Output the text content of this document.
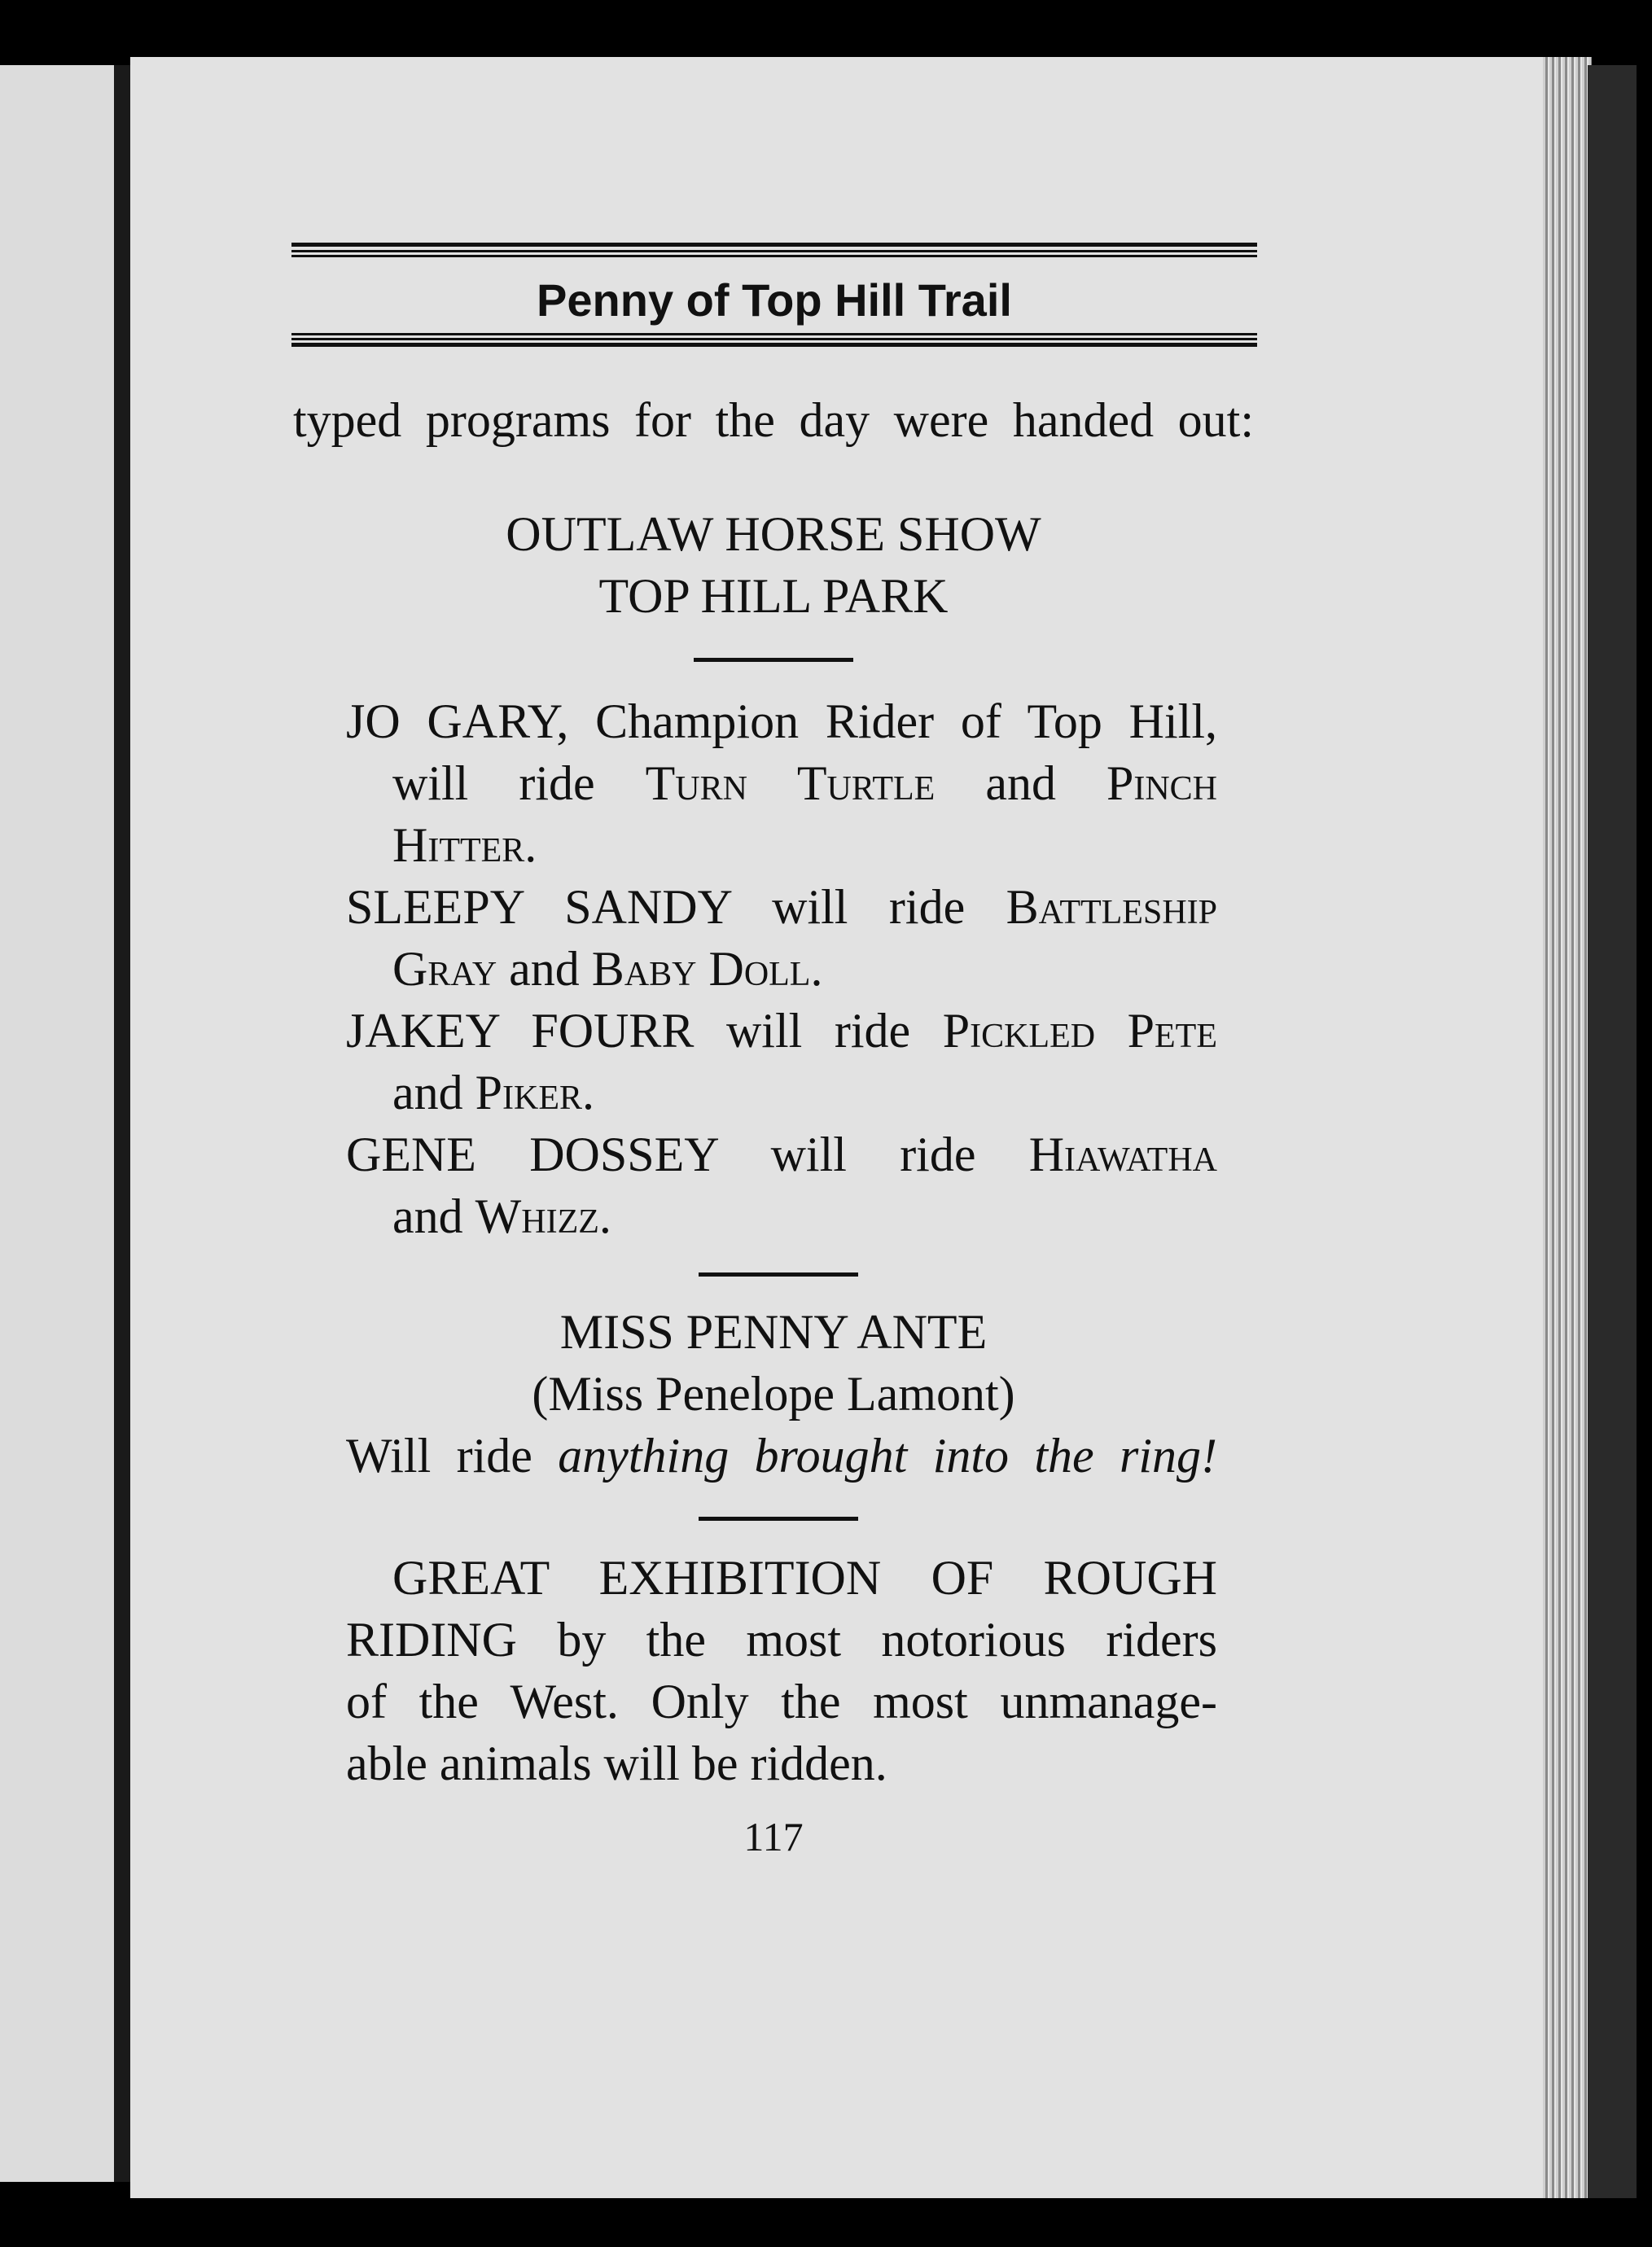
Penny of Top Hill Trail
typed programs for the day were handed out:
OUTLAW HORSE SHOW
TOP HILL PARK
JO GARY, Champion Rider of Top Hill,
will ride Turn Turtle and Pinch
Hitter.
SLEEPY SANDY will ride Battleship
Gray and Baby Doll.
JAKEY FOURR will ride Pickled Pete
and Piker.
GENE DOSSEY will ride Hiawatha
and Whizz.
MISS PENNY ANTE
(Miss Penelope Lamont)
Will ride anything brought into the ring!
GREAT EXHIBITION OF ROUGH
RIDING by the most notorious riders
of the West. Only the most unmanage-
able animals will be ridden.
117
